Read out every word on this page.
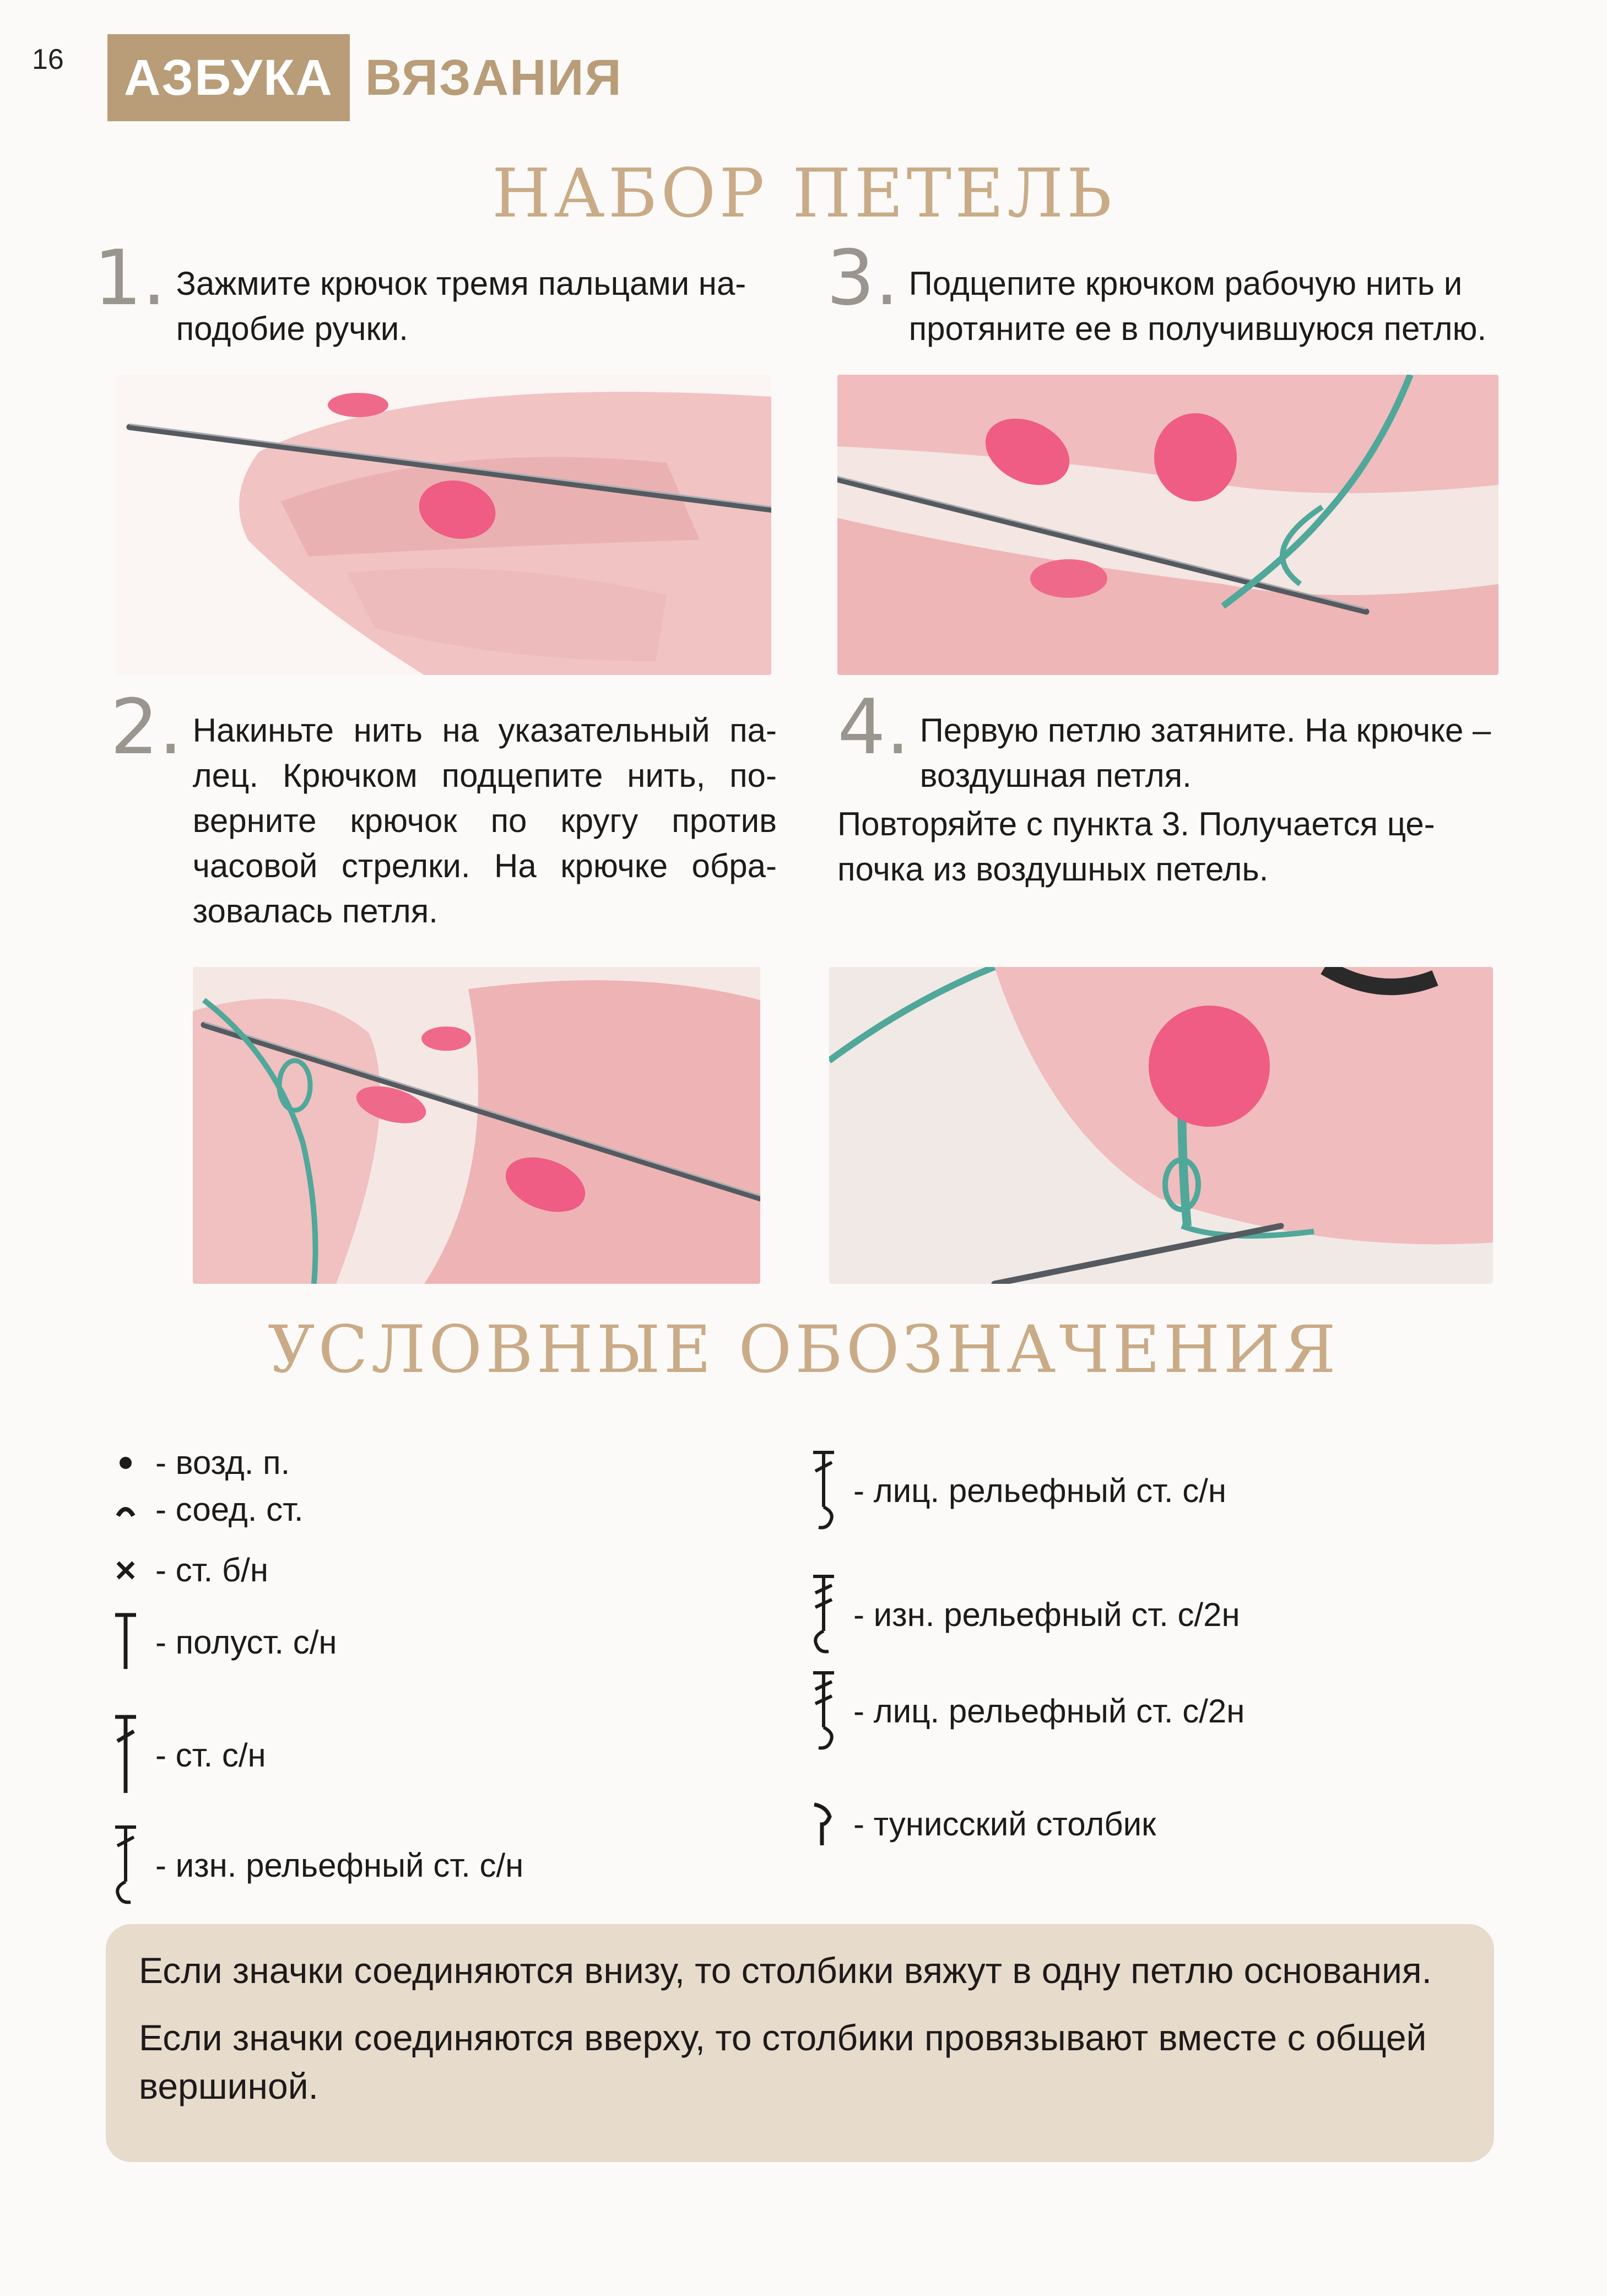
16	АЗБУКА ВЯЗАНИЯ
НАБОР ПЕТЕЛЬ
1. Зажмите крючок тремя пальцами на-подобие ручки.
3. Подцепите крючком рабочую нить и протяните ее в получившуюся петлю.
2. Накиньте нить на указательный па-лец. Крючком подцепите нить, по-верните крючок по кругу против часовой стрелки. На крючке обра-зовалась петля.
4. Первую петлю затяните. На крючке – воздушная петля.
Повторяйте с пункта 3. Получается це-почка из воздушных петель.
УСЛОВНЫЕ ОБОЗНАЧЕНИЯ
- возд. п.
- соед. ст.
- ст. б/н
- полуст. с/н
- ст. с/н
- изн. рельефный ст. с/н
- лиц. рельефный ст. с/н
- изн. рельефный ст. с/2н
- лиц. рельефный ст. с/2н
- тунисский столбик

Если значки соединяются внизу, то столбики вяжут в одну петлю основания.

Если значки соединяются вверху, то столбики провязывают вместе с общей вершиной.
